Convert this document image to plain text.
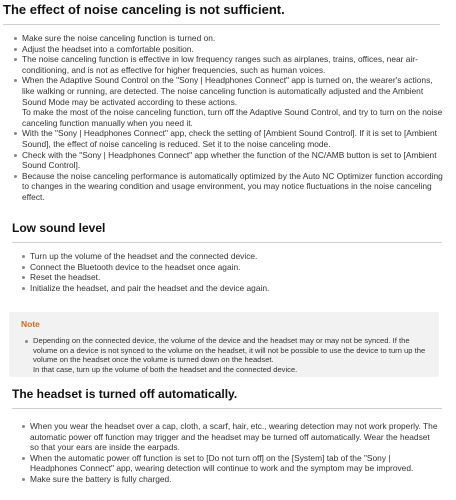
The effect of noise canceling is not sufficient.
Make sure the noise canceling function is turned on.
Adjust the headset into a comfortable position.
The noise canceling function is effective in low frequency ranges such as airplanes, trains, offices, near air-conditioning, and is not as effective for higher frequencies, such as human voices.
When the Adaptive Sound Control on the "Sony | Headphones Connect" app is turned on, the wearer's actions, like walking or running, are detected. The noise canceling function is automatically adjusted and the Ambient Sound Mode may be activated according to these actions.
To make the most of the noise canceling function, turn off the Adaptive Sound Control, and try to turn on the noise canceling function manually when you need it.
With the "Sony | Headphones Connect" app, check the setting of [Ambient Sound Control]. If it is set to [Ambient Sound], the effect of noise canceling is reduced. Set it to the noise canceling mode.
Check with the "Sony | Headphones Connect" app whether the function of the NC/AMB button is set to [Ambient Sound Control].
Because the noise canceling performance is automatically optimized by the Auto NC Optimizer function according to changes in the wearing condition and usage environment, you may notice fluctuations in the noise canceling effect.
Low sound level
Turn up the volume of the headset and the connected device.
Connect the Bluetooth device to the headset once again.
Reset the headset.
Initialize the headset, and pair the headset and the device again.
Note
Depending on the connected device, the volume of the device and the headset may or may not be synced. If the volume on a device is not synced to the volume on the headset, it will not be possible to use the device to turn up the volume on the headset once the volume is turned down on the headset.
In that case, turn up the volume of both the headset and the connected device.
The headset is turned off automatically.
When you wear the headset over a cap, cloth, a scarf, hair, etc., wearing detection may not work properly. The automatic power off function may trigger and the headset may be turned off automatically. Wear the headset so that your ears are inside the earpads.
When the automatic power off function is set to [Do not turn off] on the [System] tab of the "Sony | Headphones Connect" app, wearing detection will continue to work and the symptom may be improved.
Make sure the battery is fully charged.
